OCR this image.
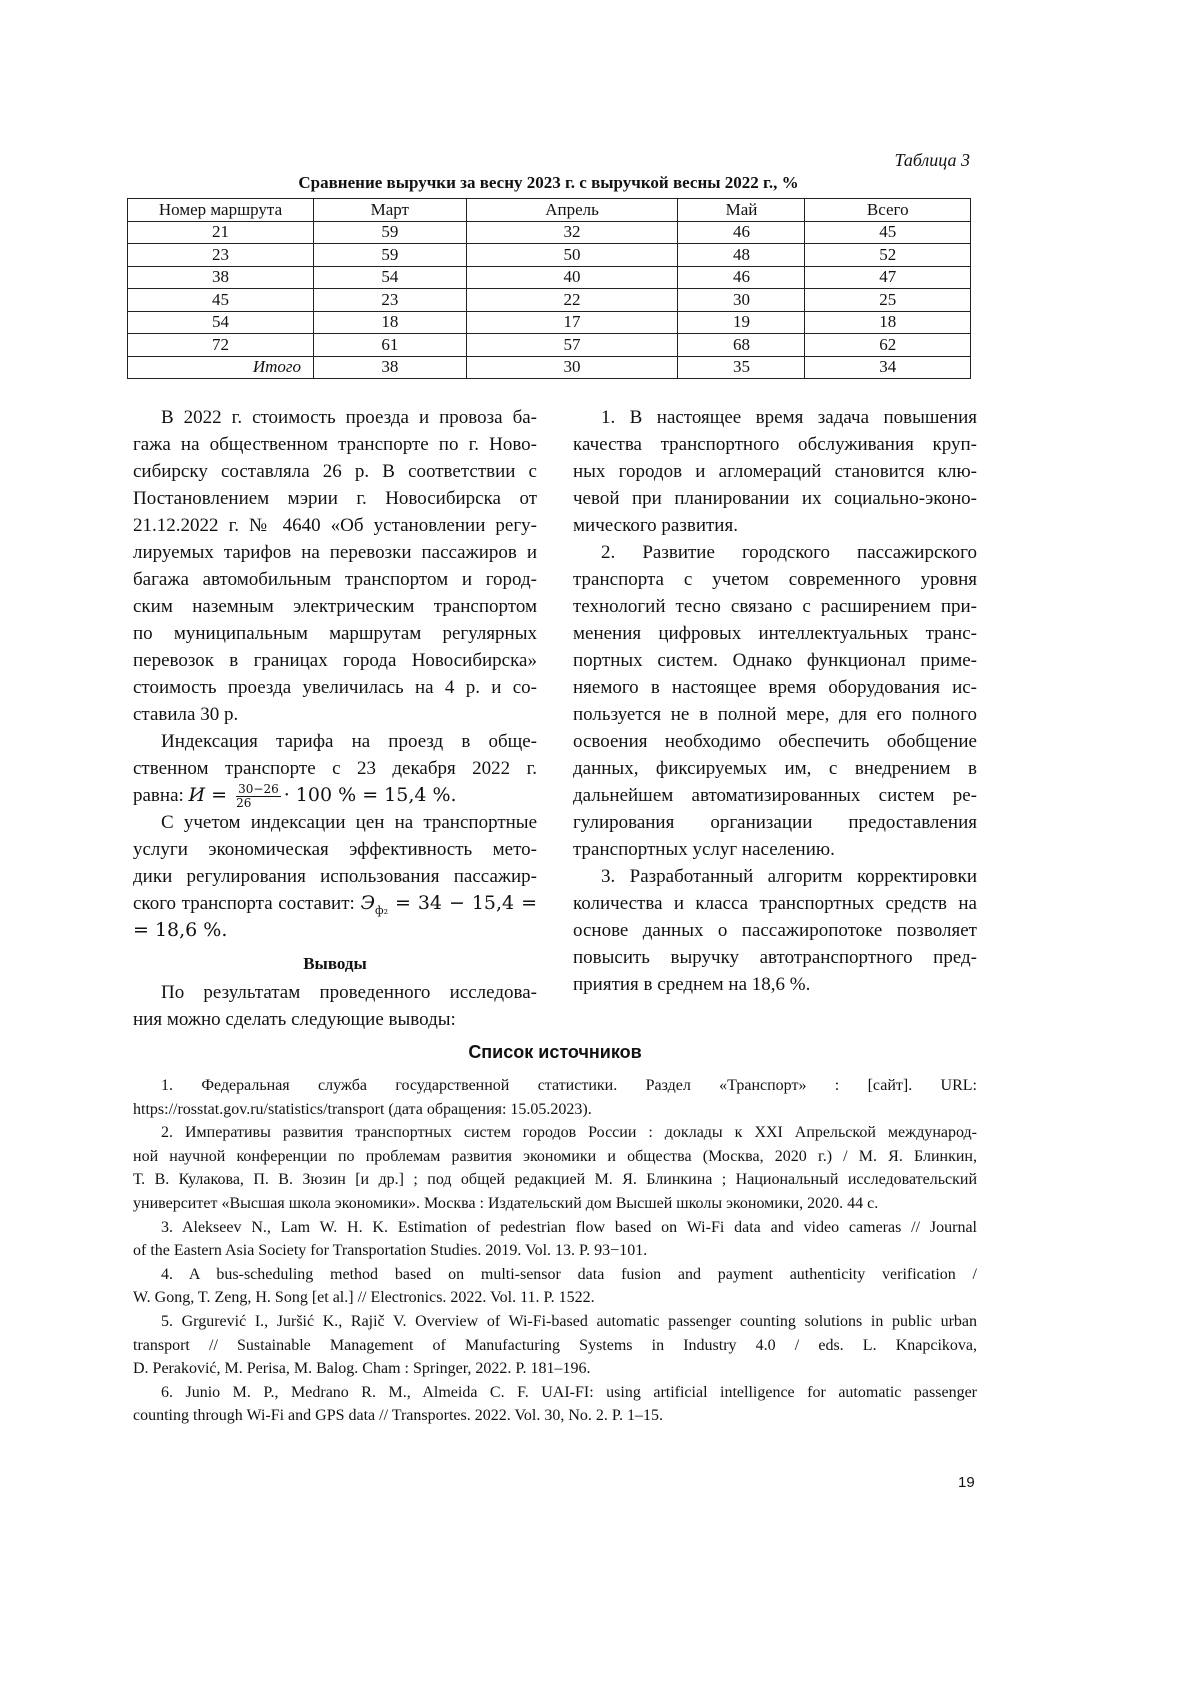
Таблица 3
Сравнение выручки за весну 2023 г. с выручкой весны 2022 г., %
Номер маршрута	Март	Апрель	Май	Всего
21	59	32	46	45
23	59	50	48	52
38	54	40	46	47
45	23	22	30	25
54	18	17	19	18
72	61	57	68	62
Итого	38	30	35	34
В 2022 г. стоимость проезда и провоза ба-
гажа на общественном транспорте по г. Ново-
сибирску составляла 26 р. В соответствии с
Постановлением мэрии г. Новосибирска от
21.12.2022 г. № 4640 «Об установлении регу-
лируемых тарифов на перевозки пассажиров и
багажа автомобильным транспортом и город-
ским наземным электрическим транспортом
по муниципальным маршрутам регулярных
перевозок в границах города Новосибирска»
стоимость проезда увеличилась на 4 р. и со-
ставила 30 р.
Индексация тарифа на проезд в обще-
ственном транспорте с 23 декабря 2022 г.
равна: И = 30−26
26	· 100 % = 15,4 %.
С учетом индексации цен на транспортные
услуги экономическая эффективность мето-
дики регулирования использования пассажир-
ского транспорта составит: Эф₂ = 34 − 15,4 =
= 18,6 %.
Выводы
По результатам проведенного исследова-
ния можно сделать следующие выводы:
1. В настоящее время задача повышения
качества транспортного обслуживания круп-
ных городов и агломераций становится клю-
чевой при планировании их социально-эконо-
мического развития.
2. Развитие городского пассажирского
транспорта с учетом современного уровня
технологий тесно связано с расширением при-
менения цифровых интеллектуальных транс-
портных систем. Однако функционал приме-
няемого в настоящее время оборудования ис-
пользуется не в полной мере, для его полного
освоения необходимо обеспечить обобщение
данных, фиксируемых им, с внедрением в
дальнейшем автоматизированных систем ре-
гулирования организации предоставления
транспортных услуг населению.
3. Разработанный алгоритм корректировки
количества и класса транспортных средств на
основе данных о пассажиропотоке позволяет
повысить выручку автотранспортного пред-
приятия в среднем на 18,6 %.
Список источников
1. Федеральная служба государственной статистики. Раздел «Транспорт» : [сайт]. URL:
https://rosstat.gov.ru/statistics/transport (дата обращения: 15.05.2023).
2. Императивы развития транспортных систем городов России : доклады к XXI Апрельской международ-
ной научной конференции по проблемам развития экономики и общества (Москва, 2020 г.) / М. Я. Блинкин,
Т. В. Кулакова, П. В. Зюзин [и др.] ; под общей редакцией М. Я. Блинкина ; Национальный исследовательский
университет «Высшая школа экономики». Москва : Издательский дом Высшей школы экономики, 2020. 44 с.
3. Alekseev N., Lam W. H. K. Estimation of pedestrian flow based on Wi-Fi data and video cameras // Journal
of the Eastern Asia Society for Transportation Studies. 2019. Vol. 13. P. 93−101.
4. A bus-scheduling method based on multi-sensor data fusion and payment authenticity verification /
W. Gong, T. Zeng, H. Song [et al.] // Electronics. 2022. Vol. 11. P. 1522.
5. Grgurević I., Juršić K., Rajič V. Overview of Wi-Fi-based automatic passenger counting solutions in public urban
transport // Sustainable Management of Manufacturing Systems in Industry 4.0 / eds. L. Knapcikova,
D. Peraković, M. Perisa, M. Balog. Cham : Springer, 2022. P. 181–196.
6. Junio M. P., Medrano R. M., Almeida C. F. UAI-FI: using artificial intelligence for automatic passenger
counting through Wi-Fi and GPS data // Transportes. 2022. Vol. 30, No. 2. P. 1–15.
19
